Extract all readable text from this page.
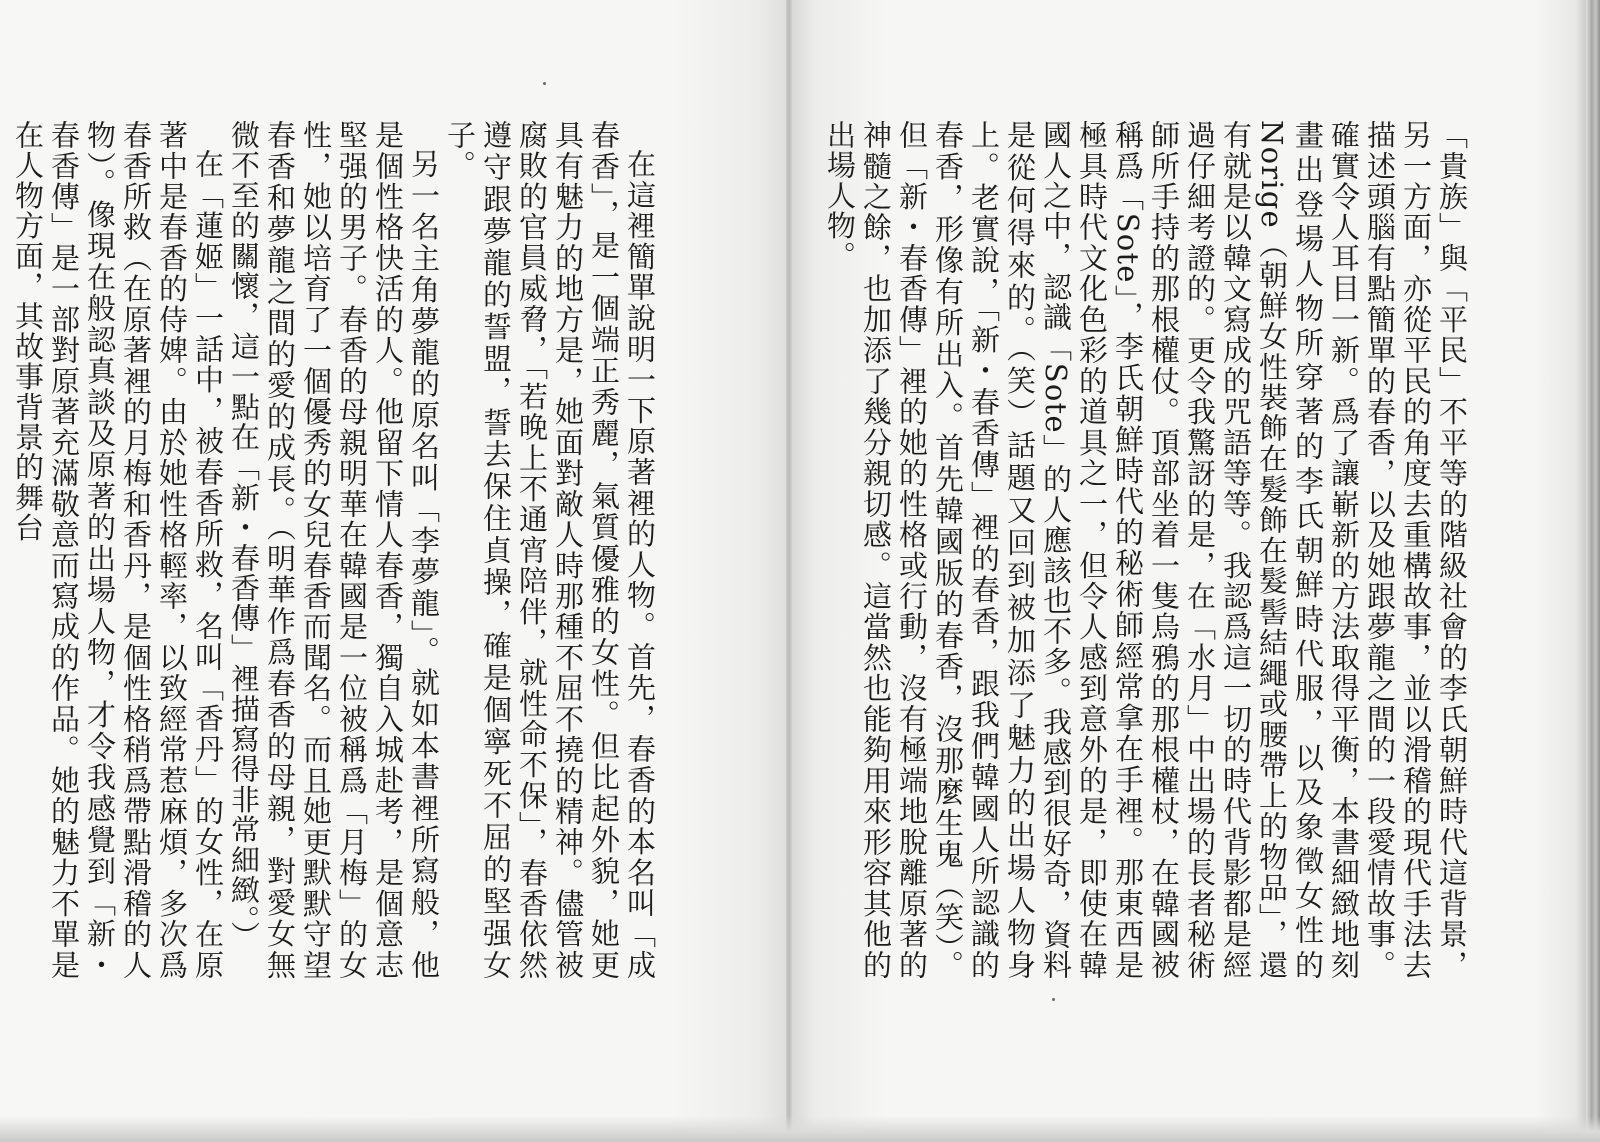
在這裡簡單說明一下原著裡的人物。首先，春香的本名叫「成春香」，是一個端正秀麗，氣質優雅的女性。但比起外貌，她更具有魅力的地方是，她面對敵人時那種不屈不撓的精神。儘管被腐敗的官員威脅，「若晚上不通宵陪伴，就性命不保」，春香依然遵守跟夢龍的誓盟，誓去保住貞操，確是個寧死不屈的堅强女子。

另一名主角夢龍的原名叫「李夢龍」。就如本書裡所寫般，他是個性格快活的人。他留下情人春香，獨自入城赴考，是個意志堅强的男子。春香的母親明華在韓國是一位被稱爲「月梅」的女性，她以培育了一個優秀的女兒春香而聞名。而且她更默默守望春香和夢龍之間的愛的成長。（明華作爲春香的母親，對愛女無微不至的關懷，這一點在「新・春香傳」裡描寫得非常細緻。）

在「蓮姬」一話中，被春香所救，名叫「香丹」的女性，在原著中是春香的侍婢。由於她性格輕率，以致經常惹麻煩，多次爲春香所救（在原著裡的月梅和香丹，是個性格稍爲帶點滑稽的人物）。像現在般認真談及原著的出場人物，才令我感覺到「新・春香傳」是一部對原著充滿敬意而寫成的作品。她的魅力不單是在人物方面，其故事背景的舞台	「貴族」與「平民」不平等的階級社會的李氏朝鮮時代這背景，另一方面，亦從平民的角度去重構故事，並以滑稽的現代手法去描述頭腦有點簡單的春香，以及她跟夢龍之間的一段愛情故事。確實令人耳目一新。爲了讓嶄新的方法取得平衡，本書細緻地刻畫出登場人物所穿著的李氏朝鮮時代服，以及象徵女性的Norige（朝鮮女性裝飾在髮飾在髮髻結繩或腰帶上的物品」，還有就是以韓文寫成的咒語等等。我認爲這一切的時代背影都是經過仔細考證的。更令我驚訝的是，在「水月」中出場的長者秘術師所手持的那根權仗。頂部坐着一隻烏鴉的那根權杖，在韓國被稱爲「Sote」，李氏朝鮮時代的秘術師經常拿在手裡。那東西是極具時代文化色彩的道具之一，但令人感到意外的是，即使在韓國人之中，認識「Sote」的人應該也不多。我感到很好奇，資料是從何得來的。（笑）話題又回到被加添了魅力的出場人物身上。老實說，「新・春香傳」裡的春香，跟我們韓國人所認識的春香，形像有所出入。首先韓國版的春香，沒那麼生鬼（笑）。但「新・春香傳」裡的她的性格或行動，沒有極端地脫離原著的神髓之餘，也加添了幾分親切感。這當然也能夠用來形容其他的出場人物。
